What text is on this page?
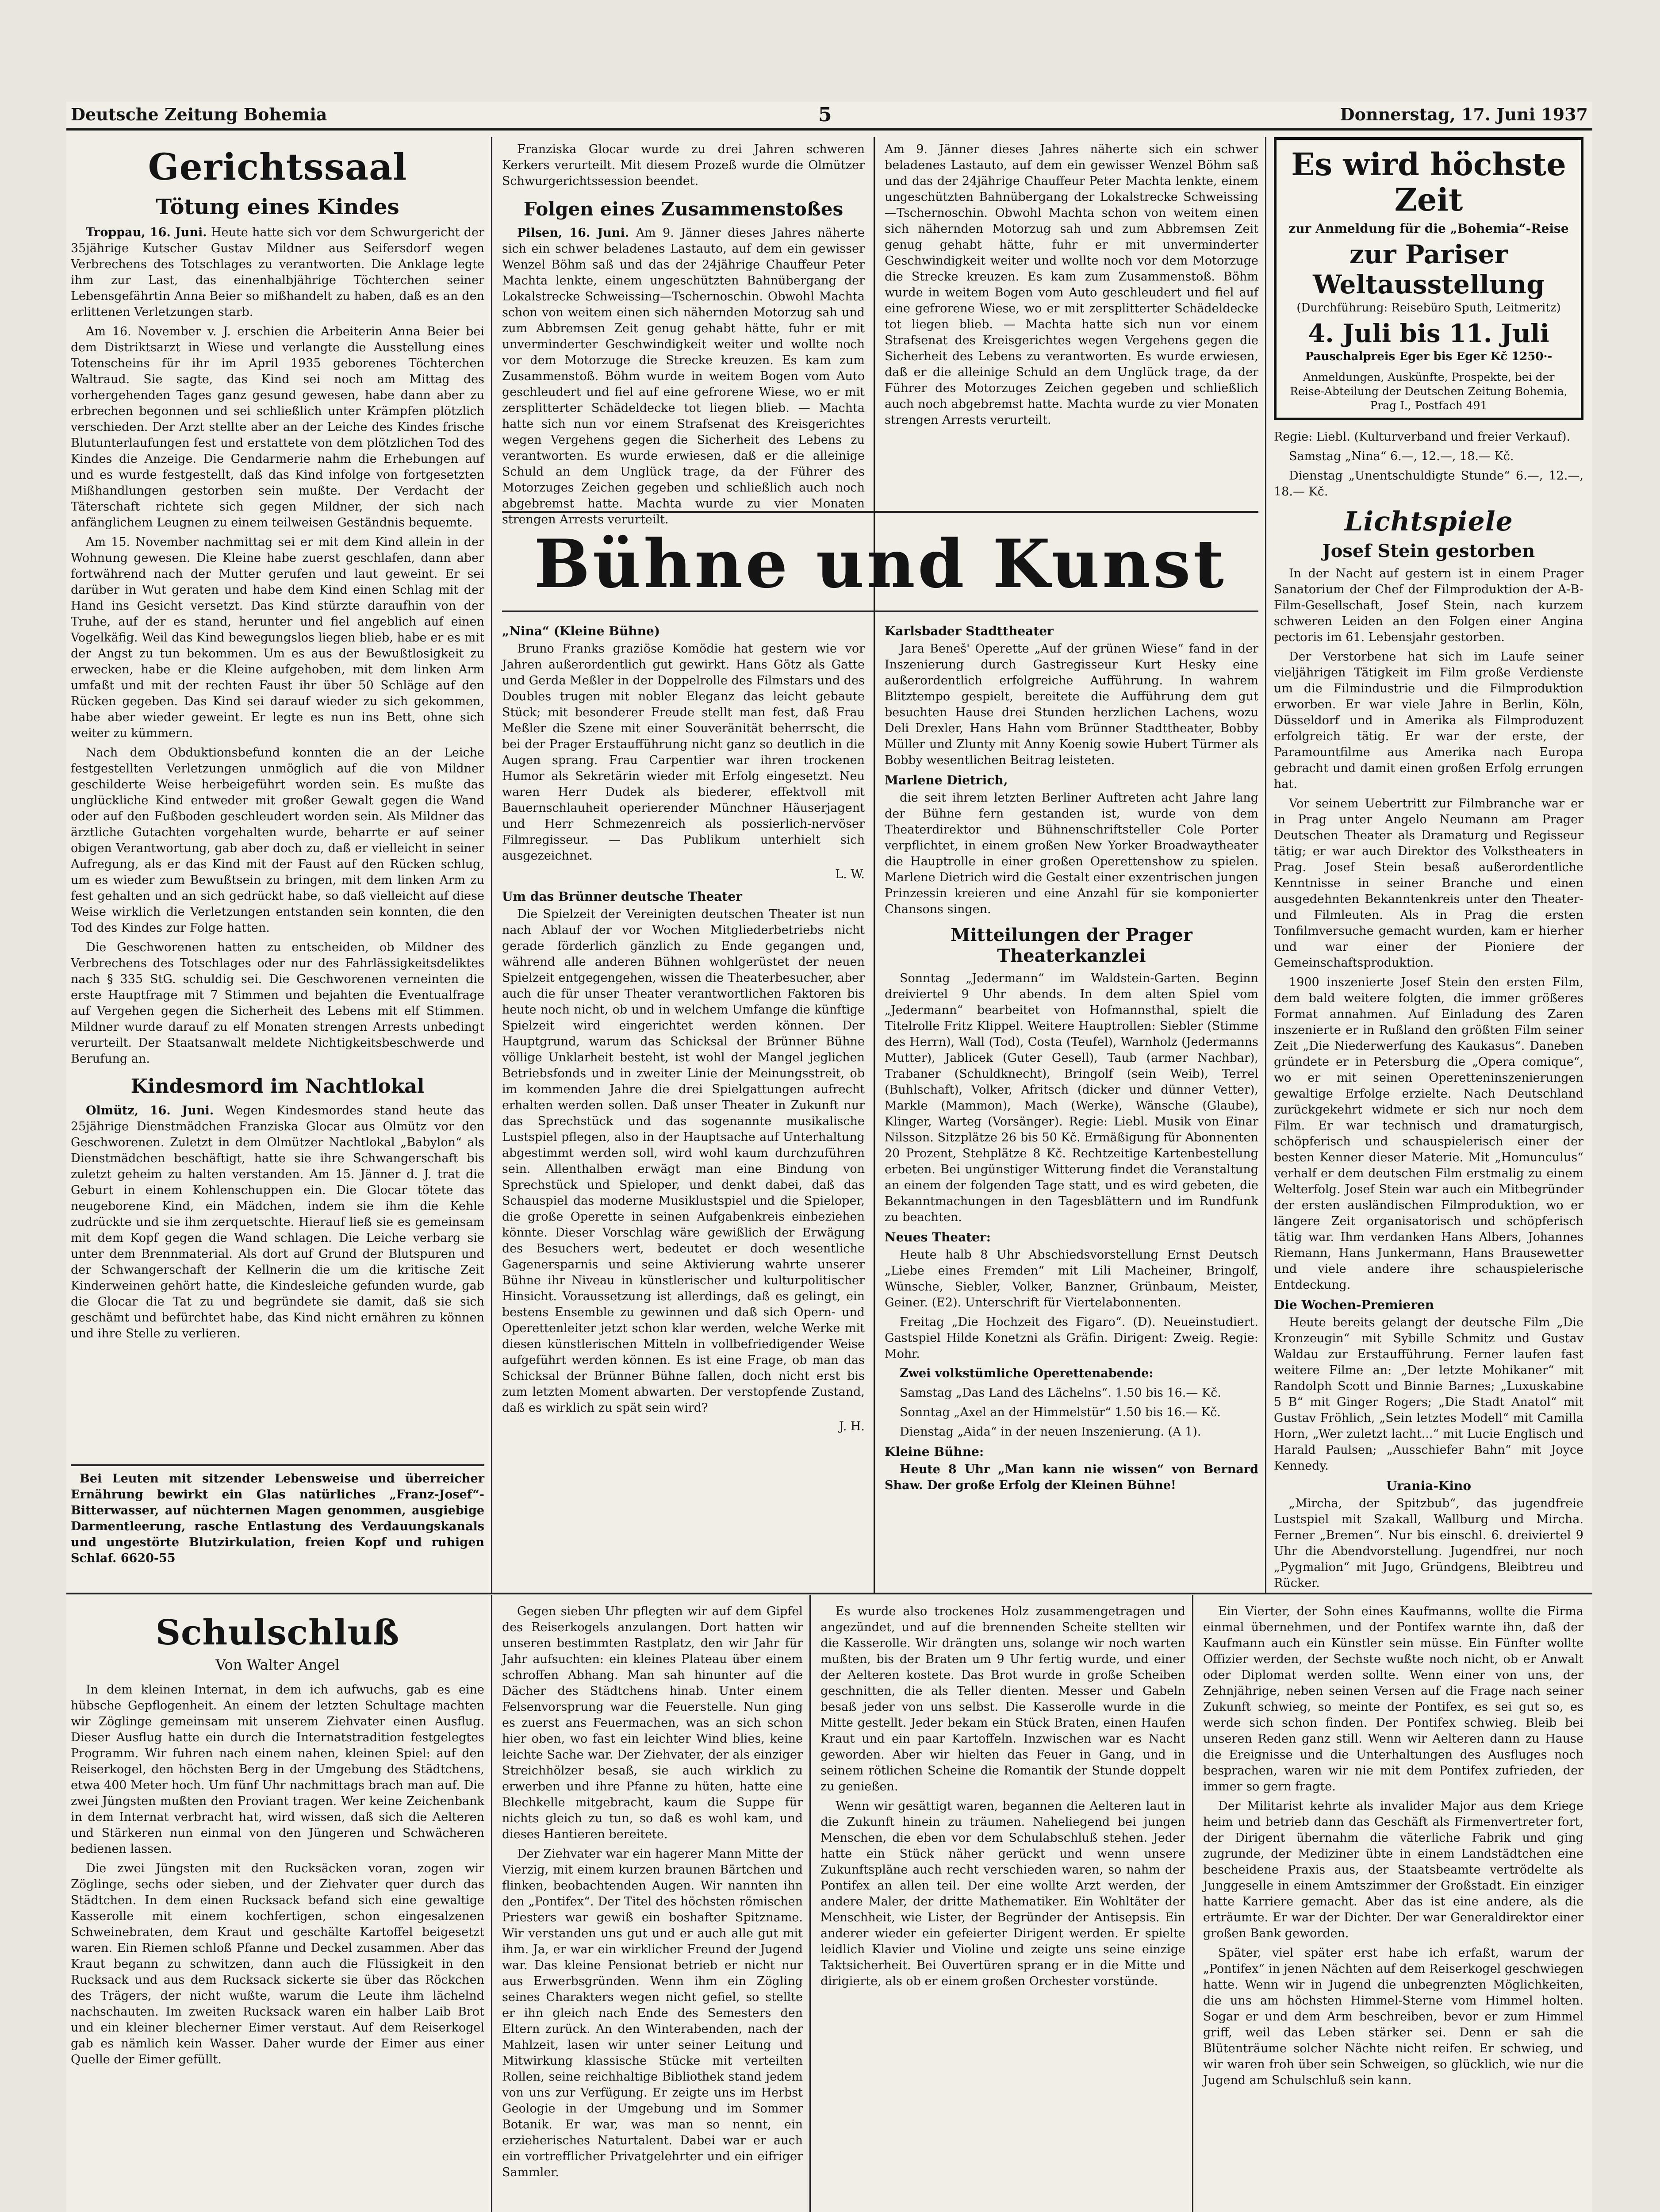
Deutsche Zeitung Bohemia	5	Donnerstag, 17. Juni 1937
Gerichtssaal
Tötung eines Kindes

Troppau, 16. Juni. Heute hatte sich vor dem Schwurgericht der 35jährige Kutscher Gustav Mildner aus Seifersdorf wegen Verbrechens des Totschlages zu verantworten. Die Anklage legte ihm zur Last, das einenhalbjährige Töchterchen seiner Lebensgefährtin Anna Beier so mißhandelt zu haben, daß es an den erlittenen Verletzungen starb.

Am 16. November v. J. erschien die Arbeiterin Anna Beier bei dem Distriktsarzt in Wiese und verlangte die Ausstellung eines Totenscheins für ihr im April 1935 geborenes Töchterchen Waltraud. Sie sagte, das Kind sei noch am Mittag des vorhergehenden Tages ganz gesund gewesen, habe dann aber zu erbrechen begonnen und sei schließlich unter Krämpfen plötzlich verschieden. Der Arzt stellte aber an der Leiche des Kindes frische Blutunterlaufungen fest und erstattete von dem plötzlichen Tod des Kindes die Anzeige. Die Gendarmerie nahm die Erhebungen auf und es wurde festgestellt, daß das Kind infolge von fortgesetzten Mißhandlungen gestorben sein mußte. Der Verdacht der Täterschaft richtete sich gegen Mildner, der sich nach anfänglichem Leugnen zu einem teilweisen Geständnis bequemte.

Am 15. November nachmittag sei er mit dem Kind allein in der Wohnung gewesen. Die Kleine habe zuerst geschlafen, dann aber fortwährend nach der Mutter gerufen und laut geweint. Er sei darüber in Wut geraten und habe dem Kind einen Schlag mit der Hand ins Gesicht versetzt. Das Kind stürzte daraufhin von der Truhe, auf der es stand, herunter und fiel angeblich auf einen Vogelkäfig. Weil das Kind bewegungslos liegen blieb, habe er es mit der Angst zu tun bekommen. Um es aus der Bewußtlosigkeit zu erwecken, habe er die Kleine aufgehoben, mit dem linken Arm umfaßt und mit der rechten Faust ihr über 50 Schläge auf den Rücken gegeben. Das Kind sei darauf wieder zu sich gekommen, habe aber wieder geweint. Er legte es nun ins Bett, ohne sich weiter zu kümmern.

Nach dem Obduktionsbefund konnten die an der Leiche festgestellten Verletzungen unmöglich auf die von Mildner geschilderte Weise herbeigeführt worden sein. Es mußte das unglückliche Kind entweder mit großer Gewalt gegen die Wand oder auf den Fußboden geschleudert worden sein. Als Mildner das ärztliche Gutachten vorgehalten wurde, beharrte er auf seiner obigen Verantwortung, gab aber doch zu, daß er vielleicht in seiner Aufregung, als er das Kind mit der Faust auf den Rücken schlug, um es wieder zum Bewußtsein zu bringen, mit dem linken Arm zu fest gehalten und an sich gedrückt habe, so daß vielleicht auf diese Weise wirklich die Verletzungen entstanden sein konnten, die den Tod des Kindes zur Folge hatten.

Die Geschworenen hatten zu entscheiden, ob Mildner des Verbrechens des Totschlages oder nur des Fahrlässigkeitsdeliktes nach § 335 StG. schuldig sei. Die Geschworenen verneinten die erste Hauptfrage mit 7 Stimmen und bejahten die Eventualfrage auf Vergehen gegen die Sicherheit des Lebens mit elf Stimmen. Mildner wurde darauf zu elf Monaten strengen Arrests unbedingt verurteilt. Der Staatsanwalt meldete Nichtigkeitsbeschwerde und Berufung an.

Kindesmord im Nachtlokal

Olmütz, 16. Juni. Wegen Kindesmordes stand heute das 25jährige Dienstmädchen Franziska Glocar aus Olmütz vor den Geschworenen. Zuletzt in dem Olmützer Nachtlokal „Babylon“ als Dienstmädchen beschäftigt, hatte sie ihre Schwangerschaft bis zuletzt geheim zu halten verstanden. Am 15. Jänner d. J. trat die Geburt in einem Kohlenschuppen ein. Die Glocar tötete das neugeborene Kind, ein Mädchen, indem sie ihm die Kehle zudrückte und sie ihm zerquetschte. Hierauf ließ sie es gemeinsam mit dem Kopf gegen die Wand schlagen. Die Leiche verbarg sie unter dem Brennmaterial. Als dort auf Grund der Blutspuren und der Schwangerschaft der Kellnerin die um die kritische Zeit Kinderweinen gehört hatte, die Kindesleiche gefunden wurde, gab die Glocar die Tat zu und begründete sie damit, daß sie sich geschämt und befürchtet habe, das Kind nicht ernähren zu können und ihre Stelle zu verlieren.

Bei Leuten mit sitzender Lebensweise und überreicher Ernährung bewirkt ein Glas natürliches „Franz-Josef“-Bitterwasser, auf nüchternen Magen genommen, ausgiebige Darmentleerung, rasche Entlastung des Verdauungskanals und ungestörte Blutzirkulation, freien Kopf und ruhigen Schlaf. 6620-55

Franziska Glocar wurde zu drei Jahren schweren Kerkers verurteilt. Mit diesem Prozeß wurde die Olmützer Schwurgerichtssession beendet.

Folgen eines Zusammenstoßes

Pilsen, 16. Juni. Am 9. Jänner dieses Jahres näherte sich ein schwer beladenes Lastauto, auf dem ein gewisser Wenzel Böhm saß und das der 24jährige Chauffeur Peter Machta lenkte, einem ungeschützten Bahnübergang der Lokalstrecke Schweissing—Tschernoschin. Obwohl Machta schon von weitem einen sich nähernden Motorzug sah und zum Abbremsen Zeit genug gehabt hätte, fuhr er mit unverminderter Geschwindigkeit weiter und wollte noch vor dem Motorzuge die Strecke kreuzen. Es kam zum Zusammenstoß. Böhm wurde in weitem Bogen vom Auto geschleudert und fiel auf eine gefrorene Wiese, wo er mit zersplitterter Schädeldecke tot liegen blieb. — Machta hatte sich nun vor einem Strafsenat des Kreisgerichtes wegen Vergehens gegen die Sicherheit des Lebens zu verantworten. Es wurde erwiesen, daß er die alleinige Schuld an dem Unglück trage, da der Führer des Motorzuges Zeichen gegeben und schließlich auch noch abgebremst hatte. Machta wurde zu vier Monaten strengen Arrests verurteilt.

Am 9. Jänner dieses Jahres näherte sich ein schwer beladenes Lastauto, auf dem ein gewisser Wenzel Böhm saß und das der 24jährige Chauffeur Peter Machta lenkte, einem ungeschützten Bahnübergang der Lokalstrecke Schweissing—Tschernoschin. Obwohl Machta schon von weitem einen sich nähernden Motorzug sah und zum Abbremsen Zeit genug gehabt hätte, fuhr er mit unverminderter Geschwindigkeit weiter und wollte noch vor dem Motorzuge die Strecke kreuzen. Es kam zum Zusammenstoß. Böhm wurde in weitem Bogen vom Auto geschleudert und fiel auf eine gefrorene Wiese, wo er mit zersplitterter Schädeldecke tot liegen blieb. — Machta hatte sich nun vor einem Strafsenat des Kreisgerichtes wegen Vergehens gegen die Sicherheit des Lebens zu verantworten. Es wurde erwiesen, daß er die alleinige Schuld an dem Unglück trage, da der Führer des Motorzuges Zeichen gegeben und schließlich auch noch abgebremst hatte. Machta wurde zu vier Monaten strengen Arrests verurteilt.

Es wird höchste Zeit

zur Anmeldung für die „Bohemia“-Reise

zur Pariser Weltausstellung

(Durchführung: Reisebüro Sputh, Leitmeritz)

4. Juli bis 11. Juli

Pauschalpreis Eger bis Eger Kč 1250·-

Anmeldungen, Auskünfte, Prospekte, bei der Reise-Abteilung der Deutschen Zeitung Bohemia, Prag I., Postfach 491

Bühne und Kunst
„Nina“ (Kleine Bühne)

Bruno Franks graziöse Komödie hat gestern wie vor Jahren außerordentlich gut gewirkt. Hans Götz als Gatte und Gerda Meßler in der Doppelrolle des Filmstars und des Doubles trugen mit nobler Eleganz das leicht gebaute Stück; mit besonderer Freude stellt man fest, daß Frau Meßler die Szene mit einer Souveränität beherrscht, die bei der Prager Erstaufführung nicht ganz so deutlich in die Augen sprang. Frau Carpentier war ihren trockenen Humor als Sekretärin wieder mit Erfolg eingesetzt. Neu waren Herr Dudek als biederer, effektvoll mit Bauernschlauheit operierender Münchner Häuserjagent und Herr Schmezenreich als possierlich-nervöser Filmregisseur. — Das Publikum unterhielt sich ausgezeichnet.

L. W.
Um das Brünner deutsche Theater

Die Spielzeit der Vereinigten deutschen Theater ist nun nach Ablauf der vor Wochen Mitgliederbetriebs nicht gerade förderlich gänzlich zu Ende gegangen und, während alle anderen Bühnen wohlgerüstet der neuen Spielzeit entgegengehen, wissen die Theaterbesucher, aber auch die für unser Theater verantwortlichen Faktoren bis heute noch nicht, ob und in welchem Umfange die künftige Spielzeit wird eingerichtet werden können. Der Hauptgrund, warum das Schicksal der Brünner Bühne völlige Unklarheit besteht, ist wohl der Mangel jeglichen Betriebsfonds und in zweiter Linie der Meinungsstreit, ob im kommenden Jahre die drei Spielgattungen aufrecht erhalten werden sollen. Daß unser Theater in Zukunft nur das Sprechstück und das sogenannte musikalische Lustspiel pflegen, also in der Hauptsache auf Unterhaltung abgestimmt werden soll, wird wohl kaum durchzuführen sein. Allenthalben erwägt man eine Bindung von Sprechstück und Spieloper, und denkt dabei, daß das Schauspiel das moderne Musiklustspiel und die Spieloper, die große Operette in seinen Aufgabenkreis einbeziehen könnte. Dieser Vorschlag wäre gewißlich der Erwägung des Besuchers wert, bedeutet er doch wesentliche Gagenersparnis und seine Aktivierung wahrte unserer Bühne ihr Niveau in künstlerischer und kulturpolitischer Hinsicht. Voraussetzung ist allerdings, daß es gelingt, ein bestens Ensemble zu gewinnen und daß sich Opern- und Operettenleiter jetzt schon klar werden, welche Werke mit diesen künstlerischen Mitteln in vollbefriedigender Weise aufgeführt werden können. Es ist eine Frage, ob man das Schicksal der Brünner Bühne fallen, doch nicht erst bis zum letzten Moment abwarten. Der verstopfende Zustand, daß es wirklich zu spät sein wird?

J. H.
Karlsbader Stadttheater

Jara Beneš' Operette „Auf der grünen Wiese“ fand in der Inszenierung durch Gastregisseur Kurt Hesky eine außerordentlich erfolgreiche Aufführung. In wahrem Blitztempo gespielt, bereitete die Aufführung dem gut besuchten Hause drei Stunden herzlichen Lachens, wozu Deli Drexler, Hans Hahn vom Brünner Stadttheater, Bobby Müller und Zlunty mit Anny Koenig sowie Hubert Türmer als Bobby wesentlichen Beitrag leisteten.

Marlene Dietrich,

die seit ihrem letzten Berliner Auftreten acht Jahre lang der Bühne fern gestanden ist, wurde von dem Theaterdirektor und Bühnenschriftsteller Cole Porter verpflichtet, in einem großen New Yorker Broadwaytheater die Hauptrolle in einer großen Operettenshow zu spielen. Marlene Dietrich wird die Gestalt einer exzentrischen jungen Prinzessin kreieren und eine Anzahl für sie komponierter Chansons singen.

Mitteilungen der Prager Theaterkanzlei

Sonntag „Jedermann“ im Waldstein-Garten. Beginn dreiviertel 9 Uhr abends. In dem alten Spiel vom „Jedermann“ bearbeitet von Hofmannsthal, spielt die Titelrolle Fritz Klippel. Weitere Hauptrollen: Siebler (Stimme des Herrn), Wall (Tod), Costa (Teufel), Warnholz (Jedermanns Mutter), Jablicek (Guter Gesell), Taub (armer Nachbar), Trabaner (Schuldknecht), Bringolf (sein Weib), Terrel (Buhlschaft), Volker, Afritsch (dicker und dünner Vetter), Markle (Mammon), Mach (Werke), Wänsche (Glaube), Klinger, Warteg (Vorsänger). Regie: Liebl. Musik von Einar Nilsson. Sitzplätze 26 bis 50 Kč. Ermäßigung für Abonnenten 20 Prozent, Stehplätze 8 Kč. Rechtzeitige Kartenbestellung erbeten. Bei ungünstiger Witterung findet die Veranstaltung an einem der folgenden Tage statt, und es wird gebeten, die Bekanntmachungen in den Tagesblättern und im Rundfunk zu beachten.

Neues Theater:

Heute halb 8 Uhr Abschiedsvorstellung Ernst Deutsch „Liebe eines Fremden“ mit Lili Macheiner, Bringolf, Wünsche, Siebler, Volker, Banzner, Grünbaum, Meister, Geiner. (E2). Unterschrift für Viertelabonnenten.

Freitag „Die Hochzeit des Figaro“. (D). Neueinstudiert. Gastspiel Hilde Konetzni als Gräfin. Dirigent: Zweig. Regie: Mohr.

Zwei volkstümliche Operettenabende:

Samstag „Das Land des Lächelns“. 1.50 bis 16.— Kč.

Sonntag „Axel an der Himmelstür“ 1.50 bis 16.— Kč.

Dienstag „Aida“ in der neuen Inszenierung. (A 1).

Kleine Bühne:

Heute 8 Uhr „Man kann nie wissen“ von Bernard Shaw. Der große Erfolg der Kleinen Bühne!

Regie: Liebl. (Kulturverband und freier Verkauf).

Samstag „Nina“ 6.—, 12.—, 18.— Kč.

Dienstag „Unentschuldigte Stunde“ 6.—, 12.—, 18.— Kč.

Lichtspiele
Josef Stein gestorben

In der Nacht auf gestern ist in einem Prager Sanatorium der Chef der Filmproduktion der A-B-Film-Gesellschaft, Josef Stein, nach kurzem schweren Leiden an den Folgen einer Angina pectoris im 61. Lebensjahr gestorben.

Der Verstorbene hat sich im Laufe seiner vieljährigen Tätigkeit im Film große Verdienste um die Filmindustrie und die Filmproduktion erworben. Er war viele Jahre in Berlin, Köln, Düsseldorf und in Amerika als Filmproduzent erfolgreich tätig. Er war der erste, der Paramountfilme aus Amerika nach Europa gebracht und damit einen großen Erfolg errungen hat.

Vor seinem Uebertritt zur Filmbranche war er in Prag unter Angelo Neumann am Prager Deutschen Theater als Dramaturg und Regisseur tätig; er war auch Direktor des Volkstheaters in Prag. Josef Stein besaß außerordentliche Kenntnisse in seiner Branche und einen ausgedehnten Bekanntenkreis unter den Theater- und Filmleuten. Als in Prag die ersten Tonfilmversuche gemacht wurden, kam er hierher und war einer der Pioniere der Gemeinschaftsproduktion.

1900 inszenierte Josef Stein den ersten Film, dem bald weitere folgten, die immer größeres Format annahmen. Auf Einladung des Zaren inszenierte er in Rußland den größten Film seiner Zeit „Die Niederwerfung des Kaukasus“. Daneben gründete er in Petersburg die „Opera comique“, wo er mit seinen Operetteninszenierungen gewaltige Erfolge erzielte. Nach Deutschland zurückgekehrt widmete er sich nur noch dem Film. Er war technisch und dramaturgisch, schöpferisch und schauspielerisch einer der besten Kenner dieser Materie. Mit „Homunculus“ verhalf er dem deutschen Film erstmalig zu einem Welterfolg. Josef Stein war auch ein Mitbegründer der ersten ausländischen Filmproduktion, wo er längere Zeit organisatorisch und schöpferisch tätig war. Ihm verdanken Hans Albers, Johannes Riemann, Hans Junkermann, Hans Brausewetter und viele andere ihre schauspielerische Entdeckung.

Die Wochen-Premieren

Heute bereits gelangt der deutsche Film „Die Kronzeugin“ mit Sybille Schmitz und Gustav Waldau zur Erstaufführung. Ferner laufen fast weitere Filme an: „Der letzte Mohikaner“ mit Randolph Scott und Binnie Barnes; „Luxuskabine 5 B“ mit Ginger Rogers; „Die Stadt Anatol“ mit Gustav Fröhlich, „Sein letztes Modell“ mit Camilla Horn, „Wer zuletzt lacht...“ mit Lucie Englisch und Harald Paulsen; „Ausschiefer Bahn“ mit Joyce Kennedy.

Urania-Kino

„Mircha, der Spitzbub“, das jugendfreie Lustspiel mit Szakall, Wallburg und Mircha. Ferner „Bremen“. Nur bis einschl. 6. dreiviertel 9 Uhr die Abendvorstellung. Jugendfrei, nur noch „Pygmalion“ mit Jugo, Gründgens, Bleibtreu und Rücker.

Schulschluß
Von Walter Angel

In dem kleinen Internat, in dem ich aufwuchs, gab es eine hübsche Gepflogenheit. An einem der letzten Schultage machten wir Zöglinge gemeinsam mit unserem Ziehvater einen Ausflug. Dieser Ausflug hatte ein durch die Internatstradition festgelegtes Programm. Wir fuhren nach einem nahen, kleinen Spiel: auf den Reiserkogel, den höchsten Berg in der Umgebung des Städtchens, etwa 400 Meter hoch. Um fünf Uhr nachmittags brach man auf. Die zwei Jüngsten mußten den Proviant tragen. Wer keine Zeichenbank in dem Internat verbracht hat, wird wissen, daß sich die Aelteren und Stärkeren nun einmal von den Jüngeren und Schwächeren bedienen lassen.

Die zwei Jüngsten mit den Rucksäcken voran, zogen wir Zöglinge, sechs oder sieben, und der Ziehvater quer durch das Städtchen. In dem einen Rucksack befand sich eine gewaltige Kasserolle mit einem kochfertigen, schon eingesalzenen Schweinebraten, dem Kraut und geschälte Kartoffel beigesetzt waren. Ein Riemen schloß Pfanne und Deckel zusammen. Aber das Kraut begann zu schwitzen, dann auch die Flüssigkeit in den Rucksack und aus dem Rucksack sickerte sie über das Röckchen des Trägers, der nicht wußte, warum die Leute ihm lächelnd nachschauten. Im zweiten Rucksack waren ein halber Laib Brot und ein kleiner blecherner Eimer verstaut. Auf dem Reiserkogel gab es nämlich kein Wasser. Daher wurde der Eimer aus einer Quelle der Eimer gefüllt.

Gegen sieben Uhr pflegten wir auf dem Gipfel des Reiserkogels anzulangen. Dort hatten wir unseren bestimmten Rastplatz, den wir Jahr für Jahr aufsuchten: ein kleines Plateau über einem schroffen Abhang. Man sah hinunter auf die Dächer des Städtchens hinab. Unter einem Felsenvorsprung war die Feuerstelle. Nun ging es zuerst ans Feuermachen, was an sich schon hier oben, wo fast ein leichter Wind blies, keine leichte Sache war. Der Ziehvater, der als einziger Streichhölzer besaß, sie auch wirklich zu erwerben und ihre Pfanne zu hüten, hatte eine Blechkelle mitgebracht, kaum die Suppe für nichts gleich zu tun, so daß es wohl kam, und dieses Hantieren bereitete.

Der Ziehvater war ein hagerer Mann Mitte der Vierzig, mit einem kurzen braunen Bärtchen und flinken, beobachtenden Augen. Wir nannten ihn den „Pontifex“. Der Titel des höchsten römischen Priesters war gewiß ein boshafter Spitzname. Wir verstanden uns gut und er auch alle gut mit ihm. Ja, er war ein wirklicher Freund der Jugend war. Das kleine Pensionat betrieb er nicht nur aus Erwerbsgründen. Wenn ihm ein Zögling seines Charakters wegen nicht gefiel, so stellte er ihn gleich nach Ende des Semesters den Eltern zurück. An den Winterabenden, nach der Mahlzeit, lasen wir unter seiner Leitung und Mitwirkung klassische Stücke mit verteilten Rollen, seine reichhaltige Bibliothek stand jedem von uns zur Verfügung. Er zeigte uns im Herbst Geologie in der Umgebung und im Sommer Botanik. Er war, was man so nennt, ein erzieherisches Naturtalent. Dabei war er auch ein vortrefflicher Privatgelehrter und ein eifriger Sammler.

Es wurde also trockenes Holz zusammengetragen und angezündet, und auf die brennenden Scheite stellten wir die Kasserolle. Wir drängten uns, solange wir noch warten mußten, bis der Braten um 9 Uhr fertig wurde, und einer der Aelteren kostete. Das Brot wurde in große Scheiben geschnitten, die als Teller dienten. Messer und Gabeln besaß jeder von uns selbst. Die Kasserolle wurde in die Mitte gestellt. Jeder bekam ein Stück Braten, einen Haufen Kraut und ein paar Kartoffeln. Inzwischen war es Nacht geworden. Aber wir hielten das Feuer in Gang, und in seinem rötlichen Scheine die Romantik der Stunde doppelt zu genießen.

Wenn wir gesättigt waren, begannen die Aelteren laut in die Zukunft hinein zu träumen. Naheliegend bei jungen Menschen, die eben vor dem Schulabschluß stehen. Jeder hatte ein Stück näher gerückt und wenn unsere Zukunftspläne auch recht verschieden waren, so nahm der Pontifex an allen teil. Der eine wollte Arzt werden, der andere Maler, der dritte Mathematiker. Ein Wohltäter der Menschheit, wie Lister, der Begründer der Antisepsis. Ein anderer wieder ein gefeierter Dirigent werden. Er spielte leidlich Klavier und Violine und zeigte uns seine einzige Taktsicherheit. Bei Ouvertüren sprang er in die Mitte und dirigierte, als ob er einem großen Orchester vorstünde.

Ein Vierter, der Sohn eines Kaufmanns, wollte die Firma einmal übernehmen, und der Pontifex warnte ihn, daß der Kaufmann auch ein Künstler sein müsse. Ein Fünfter wollte Offizier werden, der Sechste wußte noch nicht, ob er Anwalt oder Diplomat werden sollte. Wenn einer von uns, der Zehnjährige, neben seinen Versen auf die Frage nach seiner Zukunft schwieg, so meinte der Pontifex, es sei gut so, es werde sich schon finden. Der Pontifex schwieg. Bleib bei unseren Reden ganz still. Wenn wir Aelteren dann zu Hause die Ereignisse und die Unterhaltungen des Ausfluges noch besprachen, waren wir nie mit dem Pontifex zufrieden, der immer so gern fragte.

Der Militarist kehrte als invalider Major aus dem Kriege heim und betrieb dann das Geschäft als Firmenvertreter fort, der Dirigent übernahm die väterliche Fabrik und ging zugrunde, der Mediziner übte in einem Landstädtchen eine bescheidene Praxis aus, der Staatsbeamte vertrödelte als Junggeselle in einem Amtszimmer der Großstadt. Ein einziger hatte Karriere gemacht. Aber das ist eine andere, als die erträumte. Er war der Dichter. Der war Generaldirektor einer großen Bank geworden.

Später, viel später erst habe ich erfaßt, warum der „Pontifex“ in jenen Nächten auf dem Reiserkogel geschwiegen hatte. Wenn wir in Jugend die unbegrenzten Möglichkeiten, die uns am höchsten Himmel-Sterne vom Himmel holten. Sogar er und dem Arm beschreiben, bevor er zum Himmel griff, weil das Leben stärker sei. Denn er sah die Blütenträume solcher Nächte nicht reifen. Er schwieg, und wir waren froh über sein Schweigen, so glücklich, wie nur die Jugend am Schulschluß sein kann.
